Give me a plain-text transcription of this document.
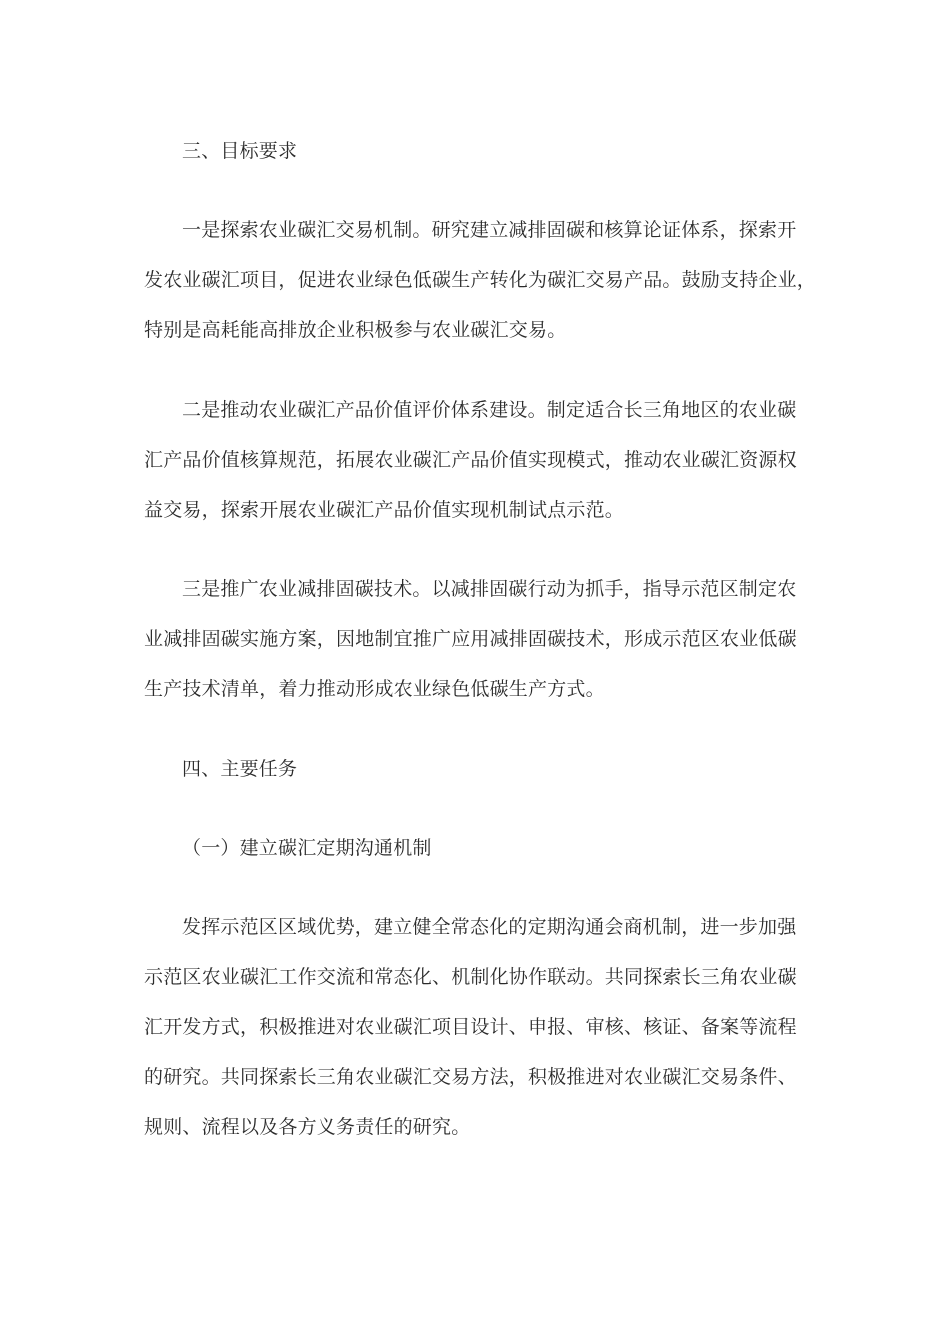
三、目标要求
一是探索农业碳汇交易机制。研究建立减排固碳和核算论证体系，探索开
发农业碳汇项目，促进农业绿色低碳生产转化为碳汇交易产品。鼓励支持企业，
特别是高耗能高排放企业积极参与农业碳汇交易。
二是推动农业碳汇产品价值评价体系建设。制定适合长三角地区的农业碳
汇产品价值核算规范，拓展农业碳汇产品价值实现模式，推动农业碳汇资源权
益交易，探索开展农业碳汇产品价值实现机制试点示范。
三是推广农业减排固碳技术。以减排固碳行动为抓手，指导示范区制定农
业减排固碳实施方案，因地制宜推广应用减排固碳技术，形成示范区农业低碳
生产技术清单，着力推动形成农业绿色低碳生产方式。
四、主要任务
（一）建立碳汇定期沟通机制
发挥示范区区域优势，建立健全常态化的定期沟通会商机制，进一步加强
示范区农业碳汇工作交流和常态化、机制化协作联动。共同探索长三角农业碳
汇开发方式，积极推进对农业碳汇项目设计、申报、审核、核证、备案等流程
的研究。共同探索长三角农业碳汇交易方法，积极推进对农业碳汇交易条件、
规则、流程以及各方义务责任的研究。
